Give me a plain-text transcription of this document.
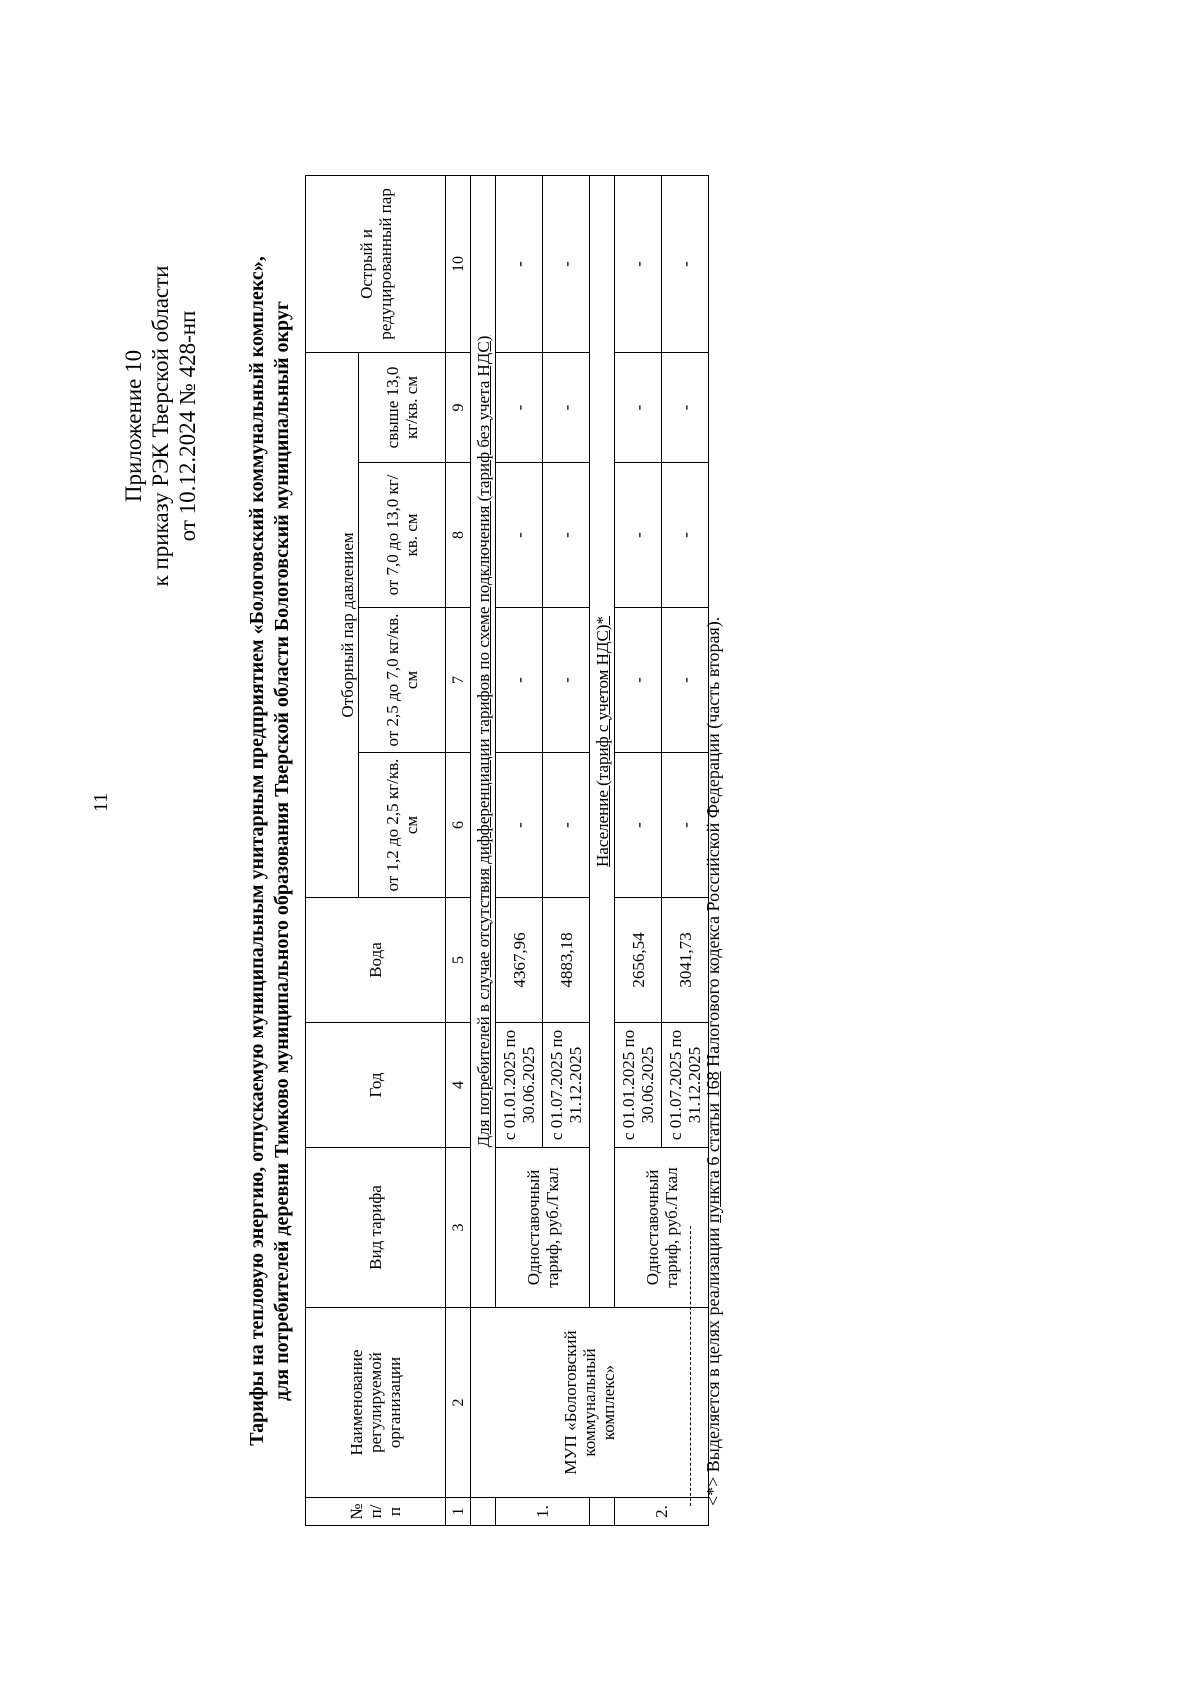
11
Приложение 10 к приказу РЭК Тверской области от 10.12.2024 № 428-нп Тарифы на тепловую энергию, отпускаемую муниципальным унитарным предприятием «Бологовский коммунальный комплекс», для потребителей деревни Тимково муниципального образования Тверской области Бологовский муниципальный округ
№ п/п	Наименование регулируемой организации	Вид тарифа	Год	Вода	Отборный пар давлением				Острый и редуцированный пар
					от 1,2 до 2,5 кг/кв. см	от 2,5 до 7,0 кг/кв. см	от 7,0 до 13,0 кг/кв. см	свыше 13,0 кг/кв. см	
1	2	3	4	5	6	7	8	9	10
	МУП «Бологовский коммунальный комплекс»	Для потребителей в случае отсутствия дифференциации тарифов по схеме подключения (тариф без учета НДС)							
1.		Одноставочный тариф, руб./Гкал	с 01.01.2025 по 30.06.2025	4367,96	-	-	-	-	-
			с 01.07.2025 по 31.12.2025	4883,18	-	-	-	-	-
		Население (тариф с учетом НДС)*							
2.		Одноставочный тариф, руб./Гкал	с 01.01.2025 по 30.06.2025	2656,54	-	-	-	-	-
			с 01.07.2025 по 31.12.2025	3041,73	-	-	-	-	-
<*> Выделяется в целях реализации пункта 6 статьи 168 Налогового кодекса Российской Федерации (часть вторая).
